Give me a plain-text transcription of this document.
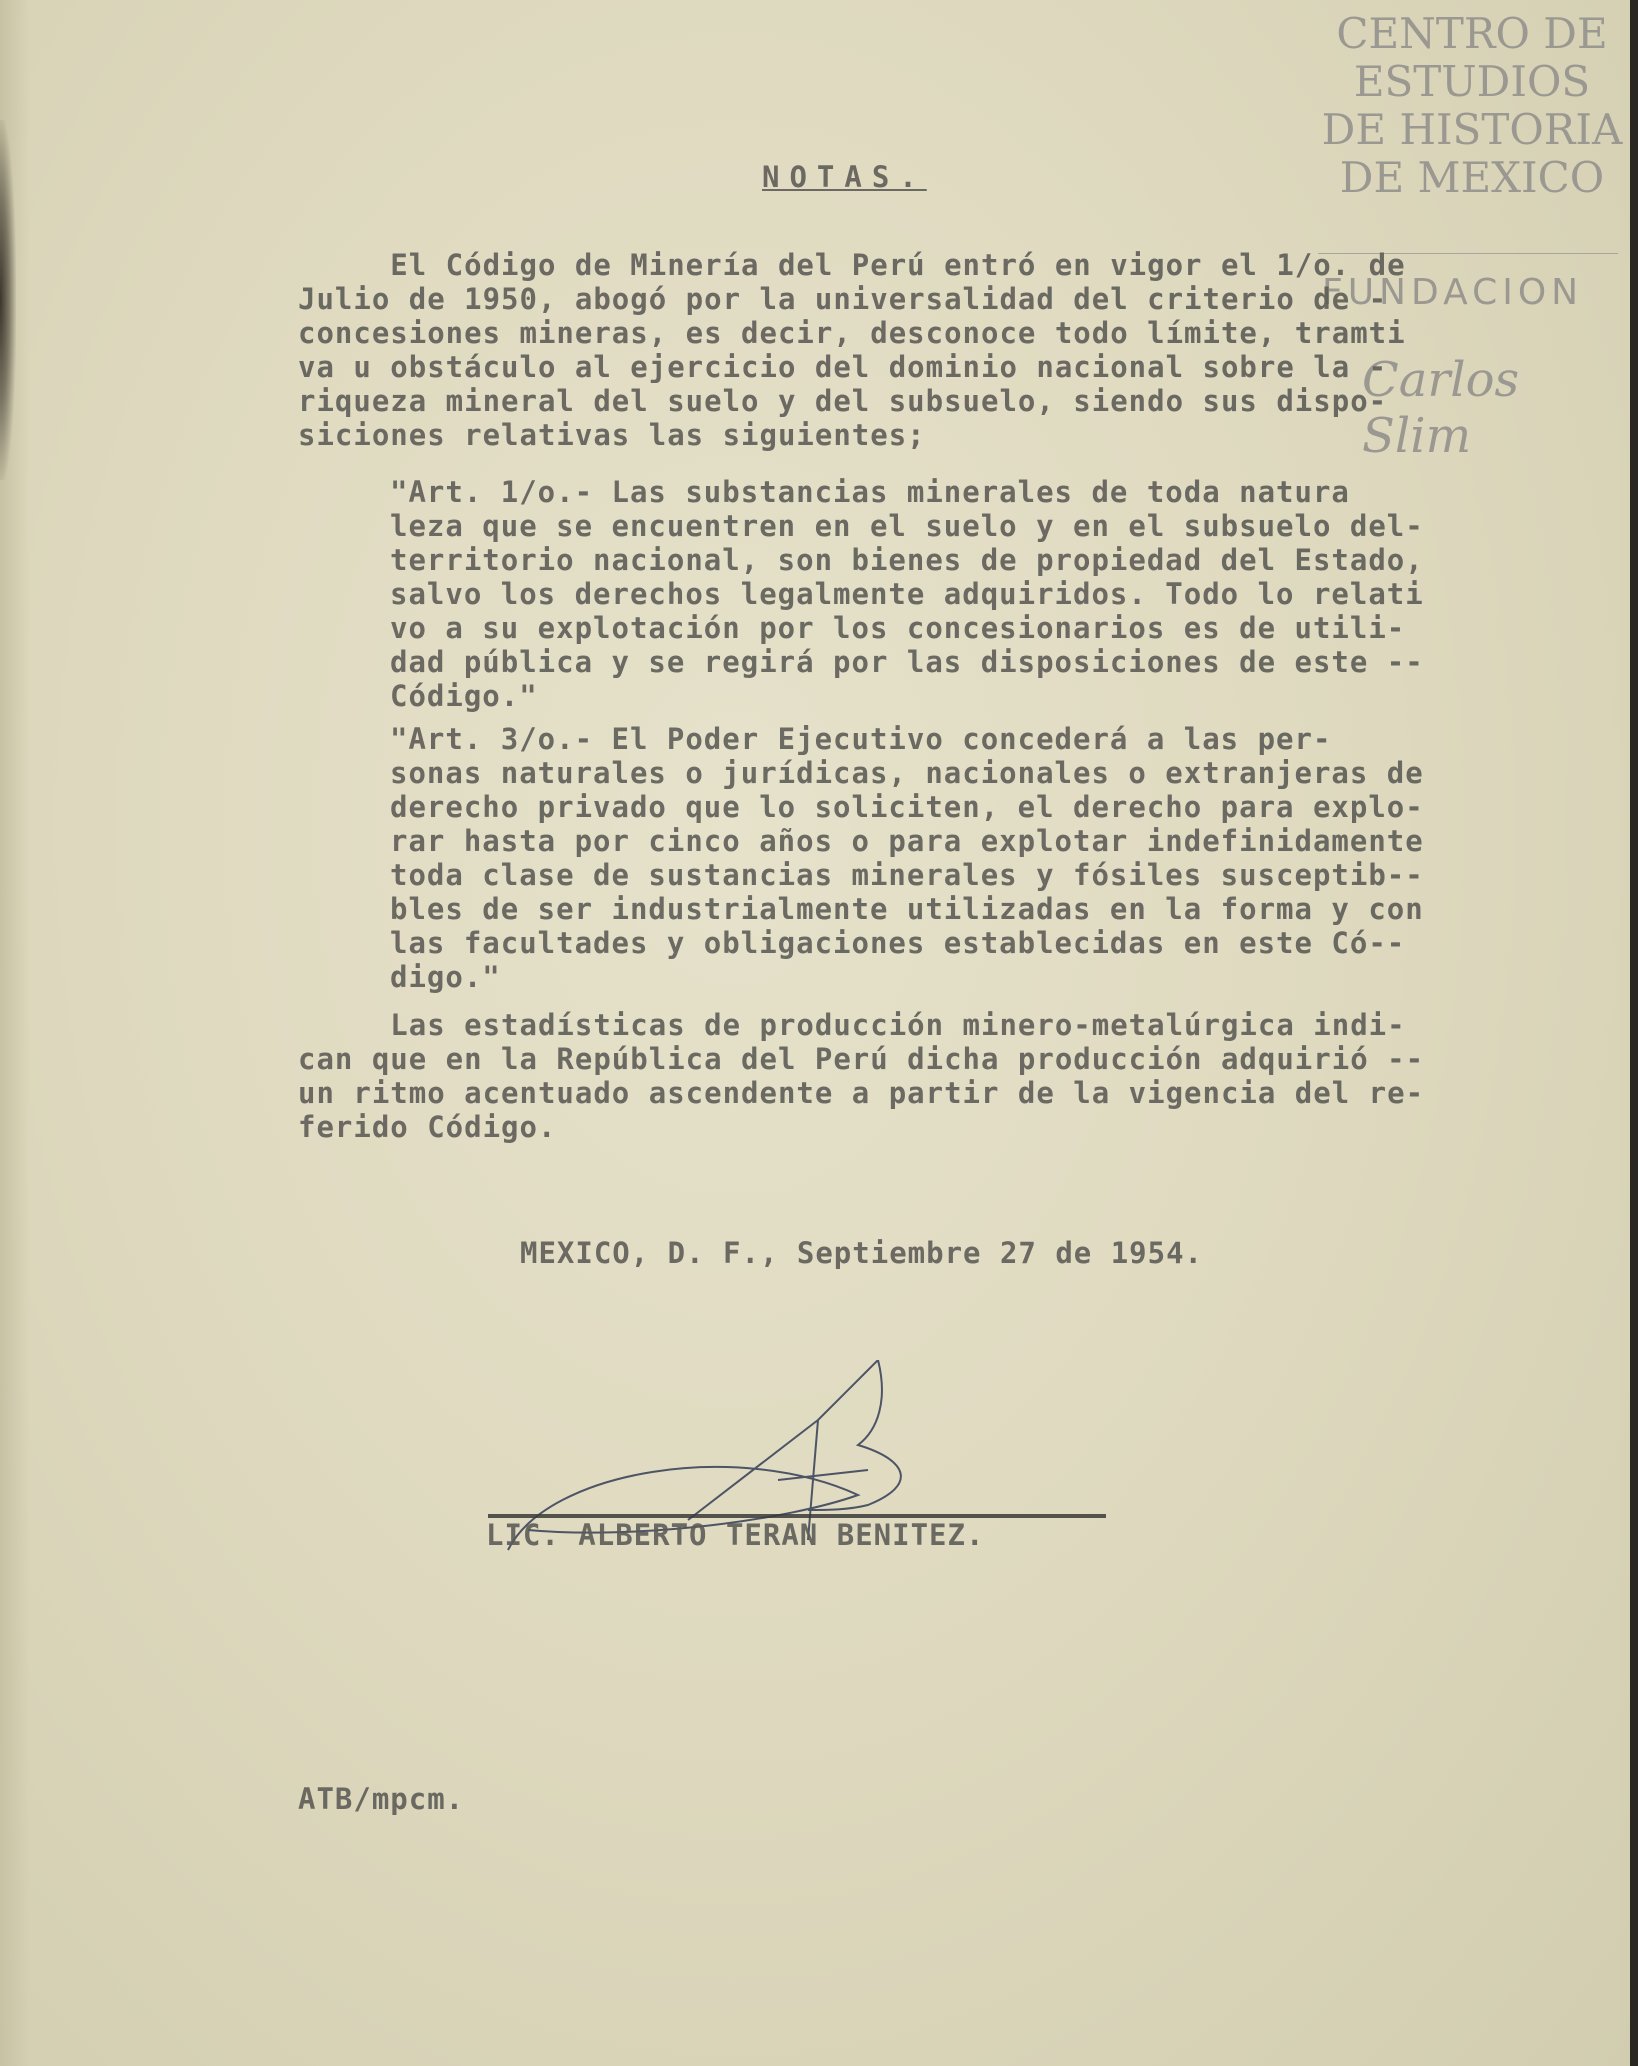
CENTRO DE
ESTUDIOS
DE HISTORIA
DE MEXICO
FUNDACION
Carlos Slim

NOTAS.

El Código de Minería del Perú entró en vigor el 1/o. de
Julio de 1950, abogó por la universalidad del criterio de -
concesiones mineras, es decir, desconoce todo límite, tramti
va u obstáculo al ejercicio del dominio nacional sobre la -
riqueza mineral del suelo y del subsuelo, siendo sus dispo-
siciones relativas las siguientes;

"Art. 1/o.- Las substancias minerales de toda natura
leza que se encuentren en el suelo y en el subsuelo del-
territorio nacional, son bienes de propiedad del Estado,
salvo los derechos legalmente adquiridos. Todo lo relati
vo a su explotación por los concesionarios es de utili-
dad pública y se regirá por las disposiciones de este --
Código."

"Art. 3/o.- El Poder Ejecutivo concederá a las per-
sonas naturales o jurídicas, nacionales o extranjeras de
derecho privado que lo soliciten, el derecho para explo-
rar hasta por cinco años o para explotar indefinidamente
toda clase de sustancias minerales y fósiles susceptib--
bles de ser industrialmente utilizadas en la forma y con
las facultades y obligaciones establecidas en este Có--
digo."

Las estadísticas de producción minero-metalúrgica indi-
can que en la República del Perú dicha producción adquirió --
un ritmo acentuado ascendente a partir de la vigencia del re-
ferido Código.

MEXICO, D. F., Septiembre 27 de 1954.

LIC. ALBERTO TERAN BENITEZ.

ATB/mpcm.
